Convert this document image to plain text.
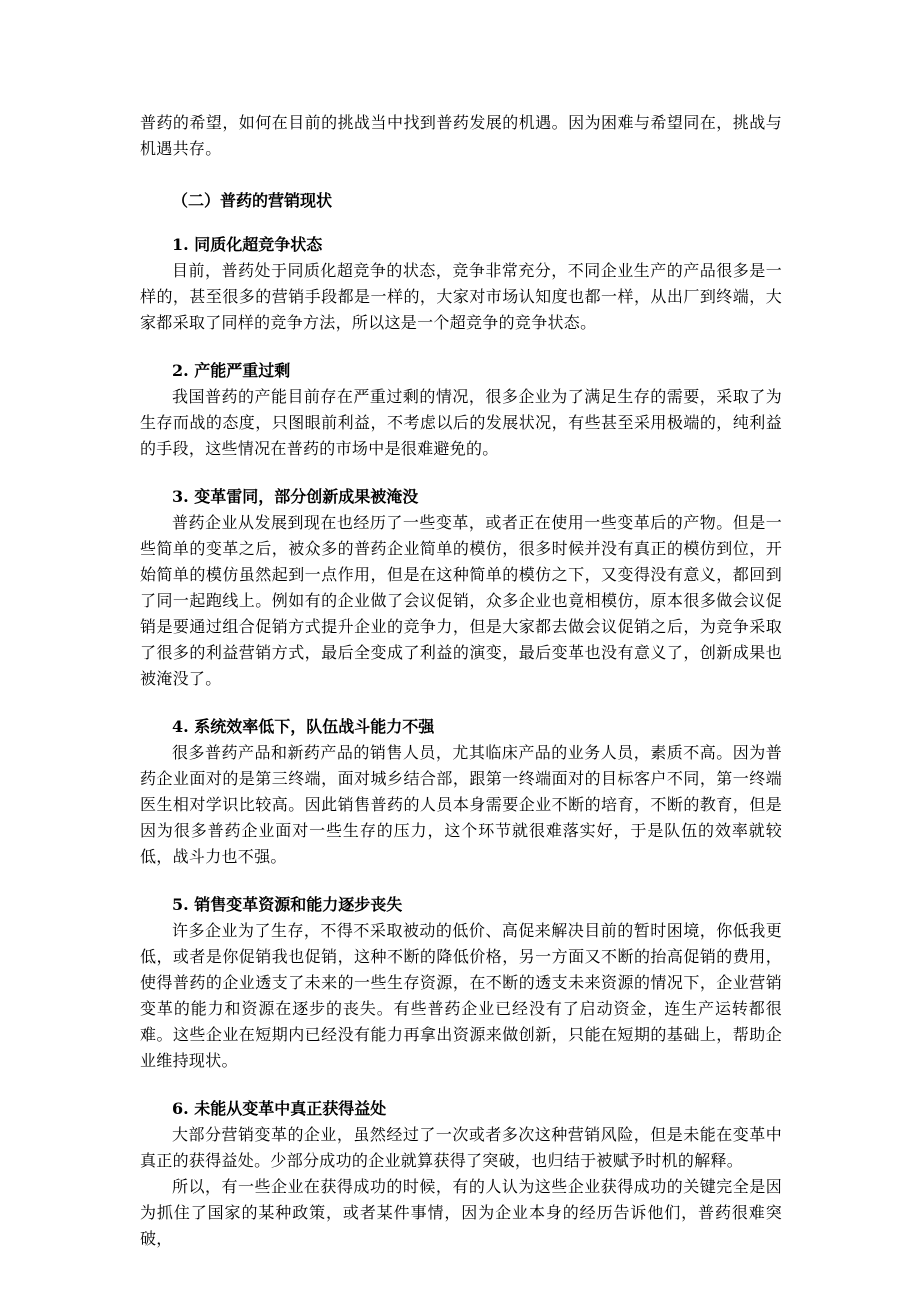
普药的希望，如何在目前的挑战当中找到普药发展的机遇。因为困难与希望同在，挑战与机遇共存。

（二）普药的营销现状
1. 同质化超竞争状态

目前，普药处于同质化超竞争的状态，竞争非常充分，不同企业生产的产品很多是一样的，甚至很多的营销手段都是一样的，大家对市场认知度也都一样，从出厂到终端，大家都采取了同样的竞争方法，所以这是一个超竞争的竞争状态。

2. 产能严重过剩

我国普药的产能目前存在严重过剩的情况，很多企业为了满足生存的需要，采取了为生存而战的态度，只图眼前利益，不考虑以后的发展状况，有些甚至采用极端的，纯利益的手段，这些情况在普药的市场中是很难避免的。

3. 变革雷同，部分创新成果被淹没

普药企业从发展到现在也经历了一些变革，或者正在使用一些变革后的产物。但是一些简单的变革之后，被众多的普药企业简单的模仿，很多时候并没有真正的模仿到位，开始简单的模仿虽然起到一点作用，但是在这种简单的模仿之下，又变得没有意义，都回到了同一起跑线上。例如有的企业做了会议促销，众多企业也竟相模仿，原本很多做会议促销是要通过组合促销方式提升企业的竞争力，但是大家都去做会议促销之后，为竞争采取了很多的利益营销方式，最后全变成了利益的演变，最后变革也没有意义了，创新成果也被淹没了。

4. 系统效率低下，队伍战斗能力不强

很多普药产品和新药产品的销售人员，尤其临床产品的业务人员，素质不高。因为普药企业面对的是第三终端，面对城乡结合部，跟第一终端面对的目标客户不同，第一终端医生相对学识比较高。因此销售普药的人员本身需要企业不断的培育，不断的教育，但是因为很多普药企业面对一些生存的压力，这个环节就很难落实好，于是队伍的效率就较低，战斗力也不强。

5. 销售变革资源和能力逐步丧失

许多企业为了生存，不得不采取被动的低价、高促来解决目前的暂时困境，你低我更低，或者是你促销我也促销，这种不断的降低价格，另一方面又不断的抬高促销的费用，使得普药的企业透支了未来的一些生存资源，在不断的透支未来资源的情况下，企业营销变革的能力和资源在逐步的丧失。有些普药企业已经没有了启动资金，连生产运转都很难。这些企业在短期内已经没有能力再拿出资源来做创新，只能在短期的基础上，帮助企业维持现状。

6. 未能从变革中真正获得益处

大部分营销变革的企业，虽然经过了一次或者多次这种营销风险，但是未能在变革中真正的获得益处。少部分成功的企业就算获得了突破，也归结于被赋予时机的解释。

所以，有一些企业在获得成功的时候，有的人认为这些企业获得成功的关键完全是因为抓住了国家的某种政策，或者某件事情，因为企业本身的经历告诉他们，普药很难突破，
